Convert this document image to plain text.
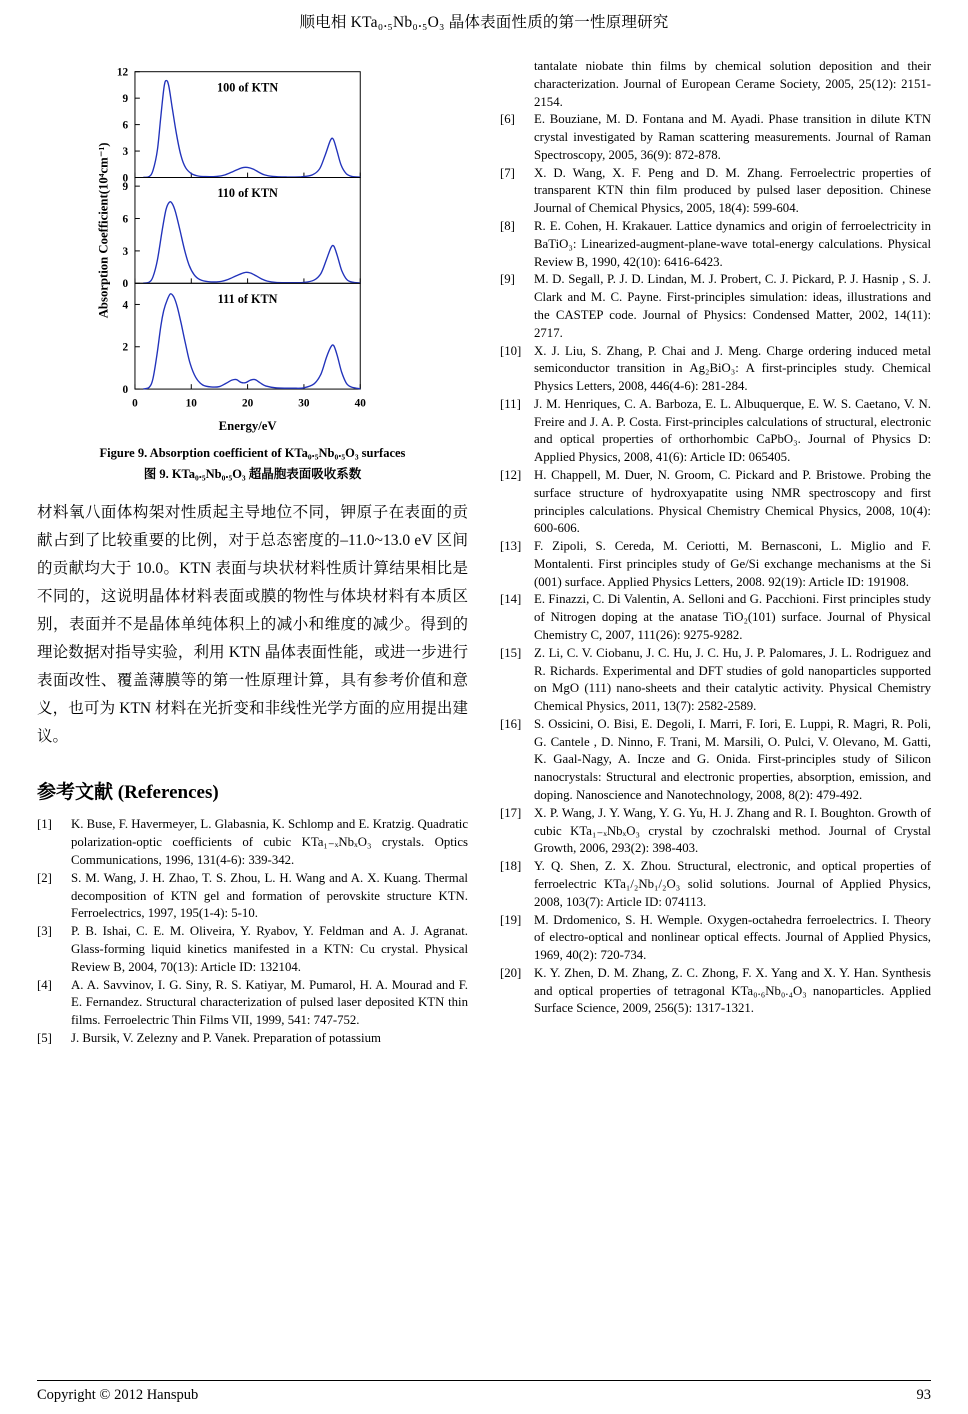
顺电相 KTa₀.₅Nb₀.₅O₃ 晶体表面性质的第一性原理研究
0
3
6
9
12
100 of KTN
0
3
6
9	110 of KTN
0
2
4	111 of KTN
0	10	20	30	40
Energy/eV
Absorption Coefficient(10⁴cm⁻¹)
Figure 9. Absorption coefficient of KTa₀.₅Nb₀.₅O₃ surfaces
图 9. KTa₀.₅Nb₀.₅O₃ 超晶胞表面吸收系数

材料氧八面体构架对性质起主导地位不同，钾原子在表面的贡献占到了比较重要的比例，对于总态密度的–11.0~13.0 eV 区间的贡献均大于 10.0。KTN 表面与块状材料性质计算结果相比是不同的，这说明晶体材料表面或膜的物性与体块材料有本质区别，表面并不是晶体单纯体积上的减小和维度的减少。得到的理论数据对指导实验，利用 KTN 晶体表面性能，或进一步进行表面改性、覆盖薄膜等的第一性原理计算，具有参考价值和意义，也可为 KTN 材料在光折变和非线性光学方面的应用提出建议。

参考文献 (References)
[1]	K. Buse, F. Havermeyer, L. Glabasnia, K. Schlomp and E. Kratzig. Quadratic polarization-optic coefficients of cubic KTa₁₋ₓNbₓO₃ crystals. Optics Communications, 1996, 131(4-6): 339-342.
[2]	S. M. Wang, J. H. Zhao, T. S. Zhou, L. H. Wang and A. X. Kuang. Thermal decomposition of KTN gel and formation of perovskite structure KTN. Ferroelectrics, 1997, 195(1-4): 5-10.
[3]	P. B. Ishai, C. E. M. Oliveira, Y. Ryabov, Y. Feldman and A. J. Agranat. Glass-forming liquid kinetics manifested in a KTN: Cu crystal. Physical Review B, 2004, 70(13): Article ID: 132104.
[4]	A. A. Savvinov, I. G. Siny, R. S. Katiyar, M. Pumarol, H. A. Mourad and F. E. Fernandez. Structural characterization of pulsed laser deposited KTN thin films. Ferroelectric Thin Films VII, 1999, 541: 747-752.
[5]	J. Bursik, V. Zelezny and P. Vanek. Preparation of potassium
tantalate niobate thin films by chemical solution deposition and their characterization. Journal of European Cerame Society, 2005, 25(12): 2151-2154.
[6]	E. Bouziane, M. D. Fontana and M. Ayadi. Phase transition in dilute KTN crystal investigated by Raman scattering measurements. Journal of Raman Spectroscopy, 2005, 36(9): 872-878.
[7]	X. D. Wang, X. F. Peng and D. M. Zhang. Ferroelectric properties of transparent KTN thin film produced by pulsed laser deposition. Chinese Journal of Chemical Physics, 2005, 18(4): 599-604.
[8]	R. E. Cohen, H. Krakauer. Lattice dynamics and origin of ferroelectricity in BaTiO₃: Linearized-augment-plane-wave total-energy calculations. Physical Review B, 1990, 42(10): 6416-6423.
[9]	M. D. Segall, P. J. D. Lindan, M. J. Probert, C. J. Pickard, P. J. Hasnip , S. J. Clark and M. C. Payne. First-principles simulation: ideas, illustrations and the CASTEP code. Journal of Physics: Condensed Matter, 2002, 14(11): 2717.
[10] X. J. Liu, S. Zhang, P. Chai and J. Meng. Charge ordering induced metal semiconductor transition in Ag₂BiO₃: A first-principles study. Chemical Physics Letters, 2008, 446(4-6): 281-284.
[11]	J. M. Henriques, C. A. Barboza, E. L. Albuquerque, E. W. S. Caetano, V. N. Freire and J. A. P. Costa. First-principles calculations of structural, electronic and optical properties of orthorhombic CaPbO₃. Journal of Physics D: Applied Physics, 2008, 41(6): Article ID: 065405.
[12] H. Chappell, M. Duer, N. Groom, C. Pickard and P. Bristowe. Probing the surface structure of hydroxyapatite using NMR spectroscopy and first principles calculations. Physical Chemistry Chemical Physics, 2008, 10(4): 600-606.
[13] F. Zipoli, S. Cereda, M. Ceriotti, M. Bernasconi, L. Miglio and F. Montalenti. First principles study of Ge/Si exchange mechanisms at the Si (001) surface. Applied Physics Letters, 2008. 92(19): Article ID: 191908.
[14] E. Finazzi, C. Di Valentin, A. Selloni and G. Pacchioni. First principles study of Nitrogen doping at the anatase TiO₂(101) surface. Journal of Physical Chemistry C, 2007, 111(26): 9275-9282.
[15] Z. Li, C. V. Ciobanu, J. C. Hu, J. C. Hu, J. P. Palomares, J. L. Rodriguez and R. Richards. Experimental and DFT studies of gold nanoparticles supported on MgO (111) nano-sheets and their catalytic activity. Physical Chemistry Chemical Physics, 2011, 13(7): 2582-2589.
[16] S. Ossicini, O. Bisi, E. Degoli, I. Marri, F. Iori, E. Luppi, R. Magri, R. Poli, G. Cantele , D. Ninno, F. Trani, M. Marsili, O. Pulci, V. Olevano, M. Gatti, K. Gaal-Nagy, A. Incze and G. Onida. First-principles study of Silicon nanocrystals: Structural and electronic properties, absorption, emission, and doping. Nanoscience and Nanotechnology, 2008, 8(2): 479-492.
[17] X. P. Wang, J. Y. Wang, Y. G. Yu, H. J. Zhang and R. I. Boughton. Growth of cubic KTa₁₋ₓNbₓO₃ crystal by czochralski method. Journal of Crystal Growth, 2006, 293(2): 398-403.
[18] Y. Q. Shen, Z. X. Zhou. Structural, electronic, and optical properties of ferroelectric KTa₁/₂Nb₁/₂O₃ solid solutions. Journal of Applied Physics, 2008, 103(7): Article ID: 074113.
[19] M. Drdomenico, S. H. Wemple. Oxygen-octahedra ferroelectrics. I. Theory of electro-optical and nonlinear optical effects. Journal of Applied Physics, 1969, 40(2): 720-734.
[20] K. Y. Zhen, D. M. Zhang, Z. C. Zhong, F. X. Yang and X. Y. Han. Synthesis and optical properties of tetragonal KTa₀.₆Nb₀.₄O₃ nanoparticles. Applied Surface Science, 2009, 256(5): 1317-1321.
Copyright © 2012 Hanspub	93
